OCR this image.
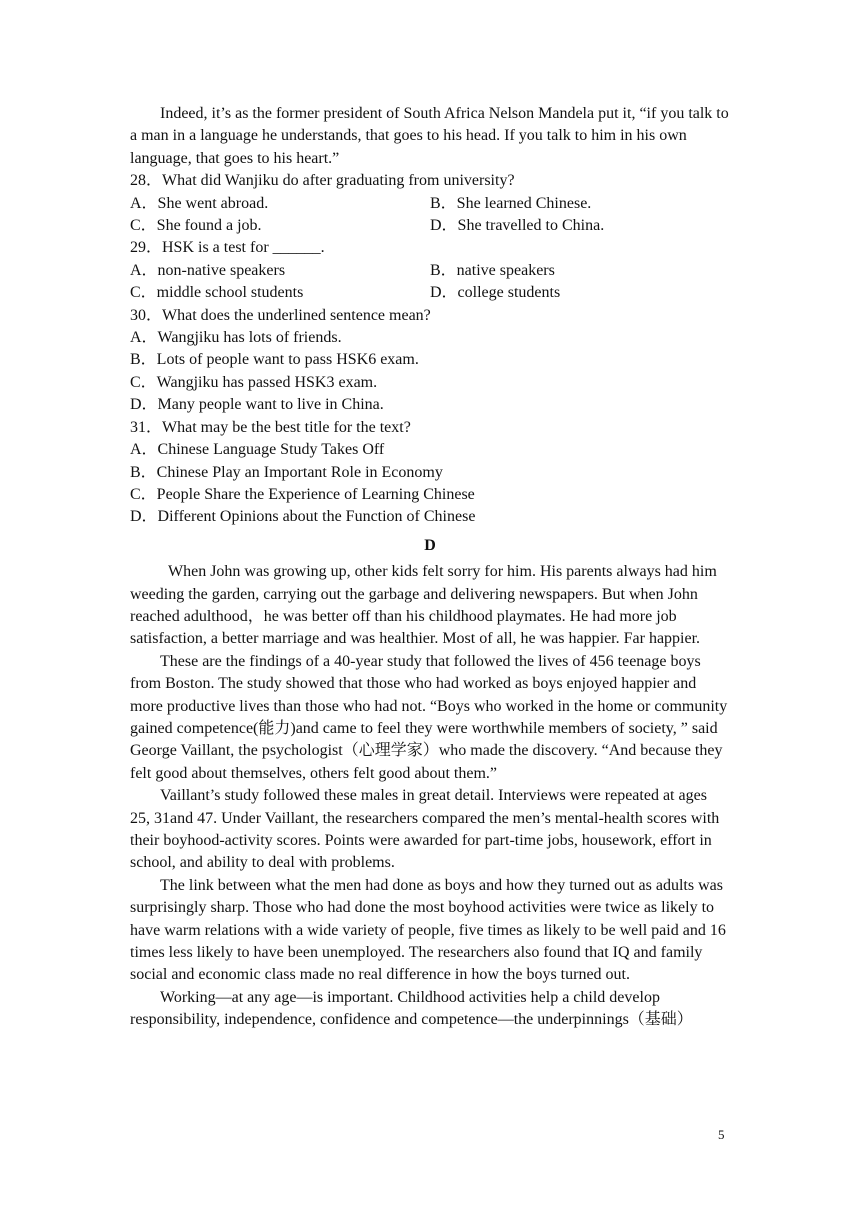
Indeed, it’s as the former president of South Africa Nelson Mandela put it, “if you talk to a man in a language he understands, that goes to his head. If you talk to him in his own language, that goes to his heart.”

28．What did Wanjiku do after graduating from university?

A．She went abroad.	B．She learned Chinese.
C．She found a job.	D．She travelled to China.

29．HSK is a test for ______.

A．non-native speakers	B．native speakers
C．middle school students	D．college students

30．What does the underlined sentence mean?

A．Wangjiku has lots of friends.

B．Lots of people want to pass HSK6 exam.

C．Wangjiku has passed HSK3 exam.

D．Many people want to live in China.

31．What may be the best title for the text?

A．Chinese Language Study Takes Off

B．Chinese Play an Important Role in Economy

C．People Share the Experience of Learning Chinese

D．Different Opinions about the Function of Chinese

D

When John was growing up, other kids felt sorry for him. His parents always had him weeding the garden, carrying out the garbage and delivering newspapers. But when John reached adulthood，he was better off than his childhood playmates. He had more job satisfaction, a better marriage and was healthier. Most of all, he was happier. Far happier.

These are the findings of a 40-year study that followed the lives of 456 teenage boys from Boston. The study showed that those who had worked as boys enjoyed happier and more productive lives than those who had not. “Boys who worked in the home or community gained competence(能力)and came to feel they were worthwhile members of society, ” said George Vaillant, the psychologist（心理学家）who made the discovery. “And because they felt good about themselves, others felt good about them.”

Vaillant’s study followed these males in great detail. Interviews were repeated at ages 25, 31and 47. Under Vaillant, the researchers compared the men’s mental-health scores with their boyhood-activity scores. Points were awarded for part-time jobs, housework, effort in school, and ability to deal with problems.

The link between what the men had done as boys and how they turned out as adults was surprisingly sharp. Those who had done the most boyhood activities were twice as likely to have warm relations with a wide variety of people, five times as likely to be well paid and 16 times less likely to have been unemployed. The researchers also found that IQ and family social and economic class made no real difference in how the boys turned out.

Working—at any age—is important. Childhood activities help a child develop responsibility, independence, confidence and competence—the underpinnings（基础）

5
